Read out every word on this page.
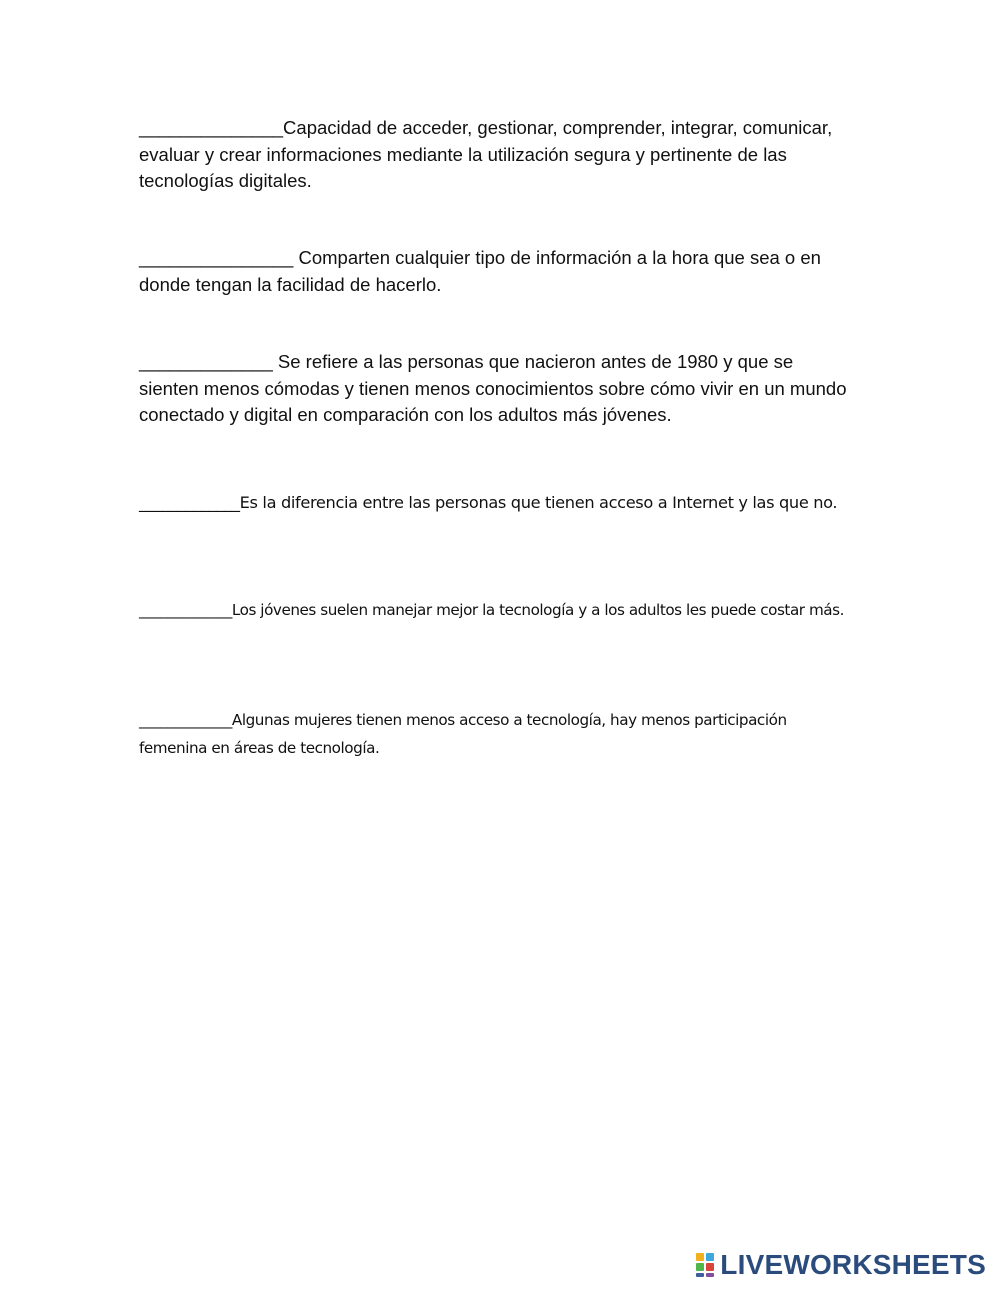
______________Capacidad de acceder, gestionar, comprender, integrar, comunicar, evaluar y crear informaciones mediante la utilización segura y pertinente de las tecnologías digitales.

_______________ Comparten cualquier tipo de información a la hora que sea o en donde tengan la facilidad de hacerlo.

_____________ Se refiere a las personas que nacieron antes de 1980 y que se sienten menos cómodas y tienen menos conocimientos sobre cómo vivir en un mundo conectado y digital en comparación con los adultos más jóvenes.

_____________Es la diferencia entre las personas que tienen acceso a Internet y las que no.

_____________Los jóvenes suelen manejar mejor la tecnología y a los adultos les puede costar más.

_____________Algunas mujeres tienen menos acceso a tecnología, hay menos participación femenina en áreas de tecnología.

LIVEWORKSHEETS
